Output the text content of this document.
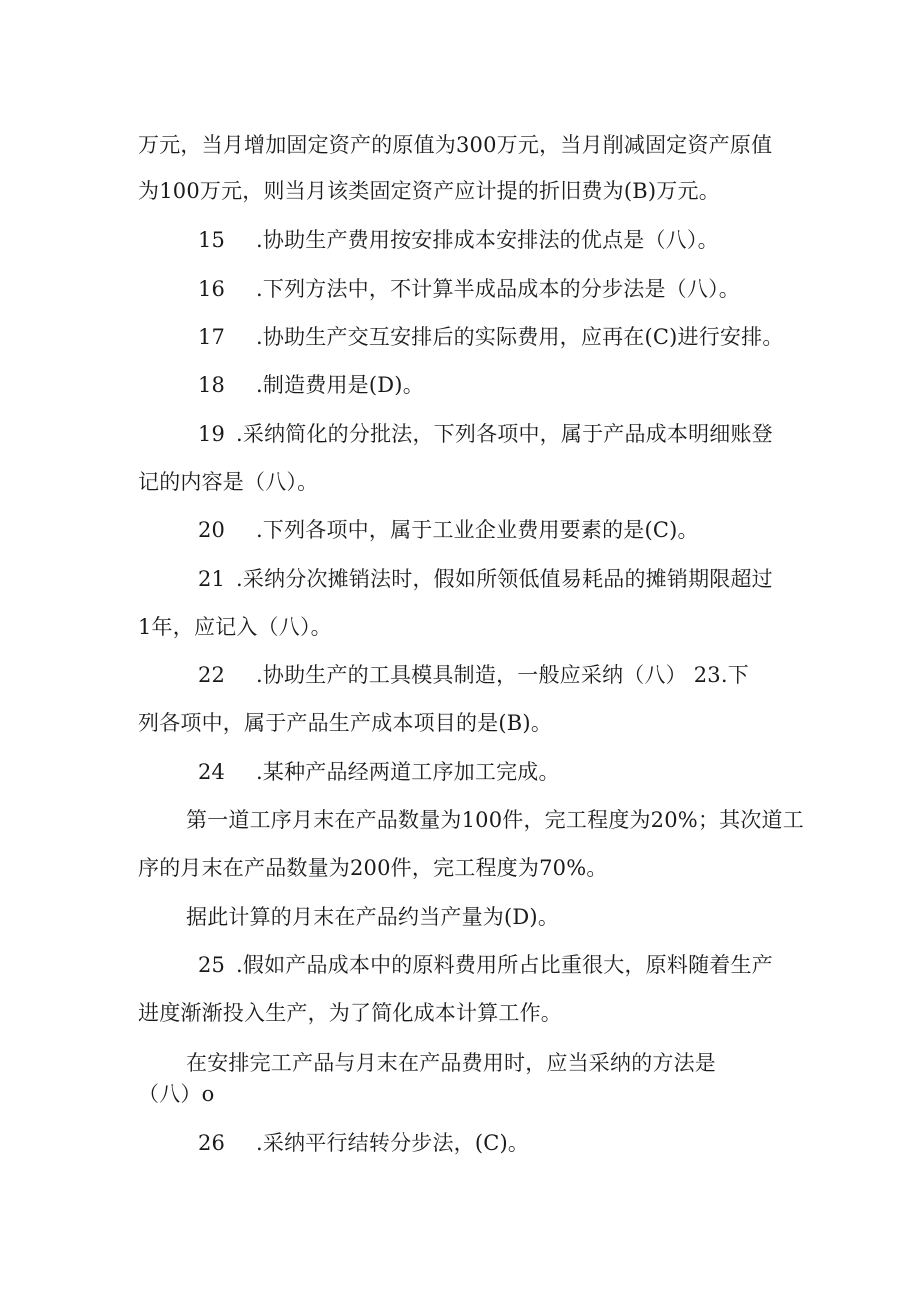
万元，当月增加固定资产的原值为300万元，当月削减固定资产原值
为100万元，则当月该类固定资产应计提的折旧费为(B)万元。
15 .协助生产费用按安排成本安排法的优点是（八）。
16 .下列方法中，不计算半成品成本的分步法是（八）。
17 .协助生产交互安排后的实际费用，应再在(C)进行安排。
18 .制造费用是(D)。
19 .采纳简化的分批法，下列各项中，属于产品成本明细账登
记的内容是（八）。
20 .下列各项中，属于工业企业费用要素的是(C)。
21 .采纳分次摊销法时，假如所领低值易耗品的摊销期限超过
1年，应记入（八）。
22 .协助生产的工具模具制造，一般应采纳（八） 23.下
列各项中，属于产品生产成本项目的是(B)。
24 .某种产品经两道工序加工完成。
第一道工序月末在产品数量为100件，完工程度为20%；其次道工
序的月末在产品数量为200件，完工程度为70%。
据此计算的月末在产品约当产量为(D)。
25 .假如产品成本中的原料费用所占比重很大，原料随着生产
进度渐渐投入生产，为了简化成本计算工作。
在安排完工产品与月末在产品费用时，应当采纳的方法是
（八）o
26 .采纳平行结转分步法，(C)。
